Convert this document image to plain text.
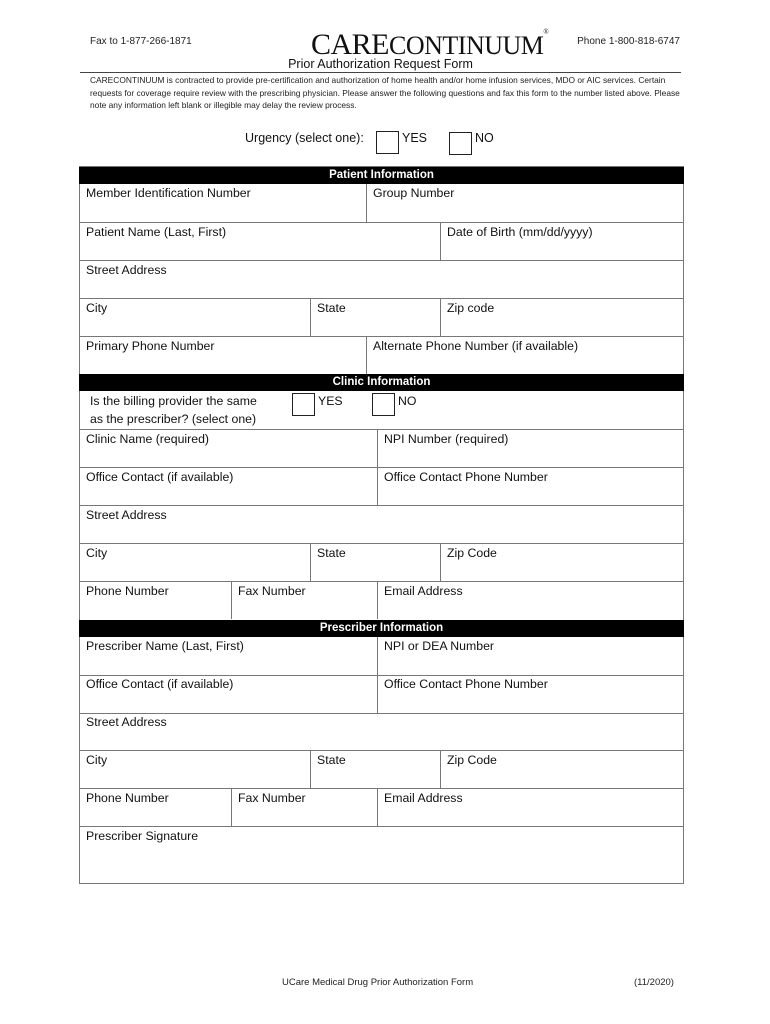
Fax to 1-877-266-1871	Phone 1-800-818-6747
CARECONTINUUM®
Prior Authorization Request Form
CARECONTINUUM is contracted to provide pre-certification and authorization of home health and/or home infusion services, MDO or AIC services. Certain requests for coverage require review with the prescribing physician. Please answer the following questions and fax this form to the number listed above. Please note any information left blank or illegible may delay the review process.
Urgency (select one):	YES	NO
Patient Information
Member Identification Number	Group Number
Patient Name (Last, First)	Date of Birth (mm/dd/yyyy)
Street Address
City	State	Zip code
Primary Phone Number	Alternate Phone Number (if available)
Clinic Information
Is the billing provider the same
as the prescriber? (select one)
YES	NO
Clinic Name (required)	NPI Number (required)
Office Contact (if available)	Office Contact Phone Number
Street Address
City	State	Zip Code
Phone Number	Fax Number	Email Address
Prescriber Information
Prescriber Name (Last, First)	NPI or DEA Number
Office Contact (if available)	Office Contact Phone Number
Street Address
City	State	Zip Code
Phone Number	Fax Number	Email Address
Prescriber Signature
UCare Medical Drug Prior Authorization Form	(11/2020)
